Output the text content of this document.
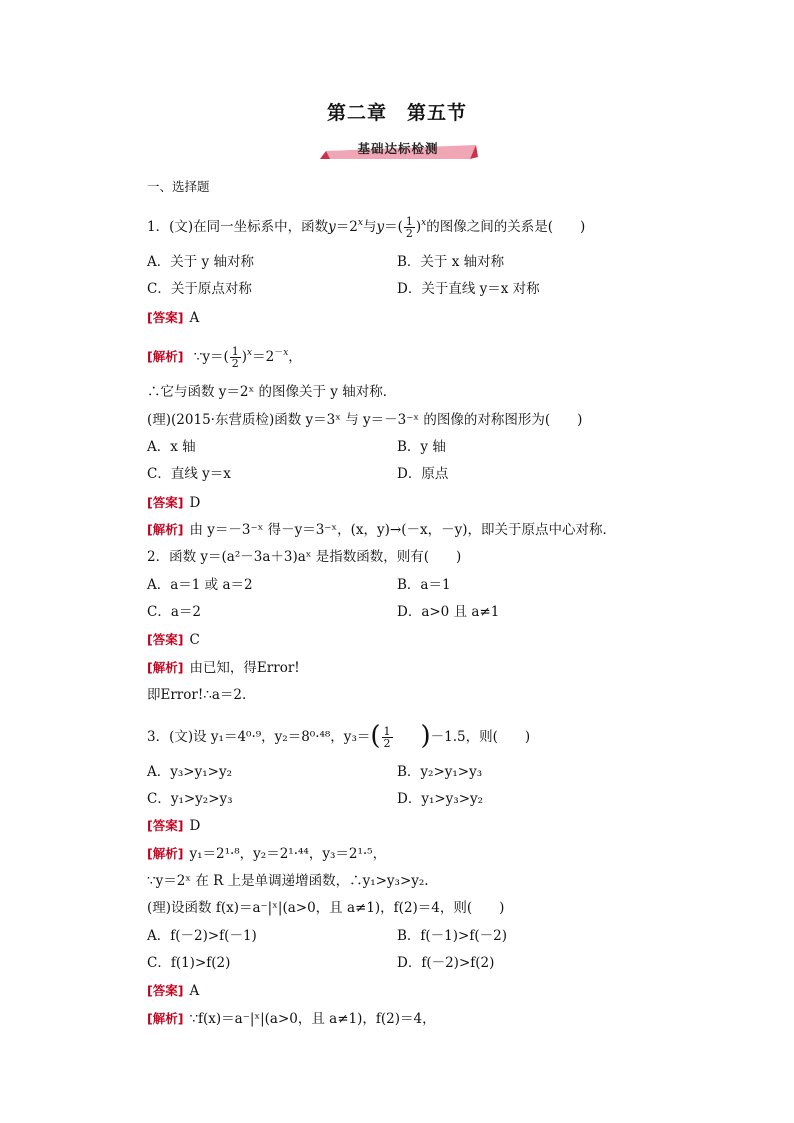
第二章　第五节
基础达标检测
一、选择题
1．(文)在同一坐标系中，函数$y=2^x$与$y=( \frac{1}{2} )^x$的图像之间的关系是(　　)
A．关于 y 轴对称	B．关于 x 轴对称
C．关于原点对称	D．关于直线 y＝x 对称
[答案] A
[解析] ∵y＝( $\frac{1}{2} )^x=2^{-x}$，
∴它与函数 y＝2ˣ 的图像关于 y 轴对称．
(理)(2015·东营质检)函数 y＝3ˣ 与 y＝－3⁻ˣ 的图像的对称图形为(　　)
A．x 轴	B．y 轴
C．直线 y＝x	D．原点
[答案] D
[解析] 由 y＝－3⁻ˣ 得－y＝3⁻ˣ，(x，y)→(－x，－y)，即关于原点中心对称．
2．函数 y＝(a²－3a＋3)aˣ 是指数函数，则有(　　)
A．a＝1 或 a＝2	B．a＝1
C．a＝2	D．a>0 且 a≠1
[答案] C
[解析] 由已知，得Error!
即Error!∴a＝2.
3．(文)设 y₁＝4⁰·⁹，y₂＝8⁰·⁴⁸，$y_3=( \frac{1}{2}$
   )－1.5，则(　　)
A．y₃>y₁>y₂	B．y₂>y₁>y₃
C．y₁>y₂>y₃	D．y₁>y₃>y₂
[答案] D
[解析] y₁＝2¹·⁸，y₂＝2¹·⁴⁴，y₃＝2¹·⁵，
∵y＝2ˣ 在 R 上是单调递增函数，∴y₁>y₃>y₂.
(理)设函数 f(x)＝a⁻|ˣ|(a>0，且 a≠1)，f(2)＝4，则(　　)
A．f(－2)>f(－1)	B．f(－1)>f(－2)
C．f(1)>f(2)	D．f(－2)>f(2)
[答案] A
[解析] ∵f(x)＝a⁻|ˣ|(a>0，且 a≠1)，f(2)＝4，
